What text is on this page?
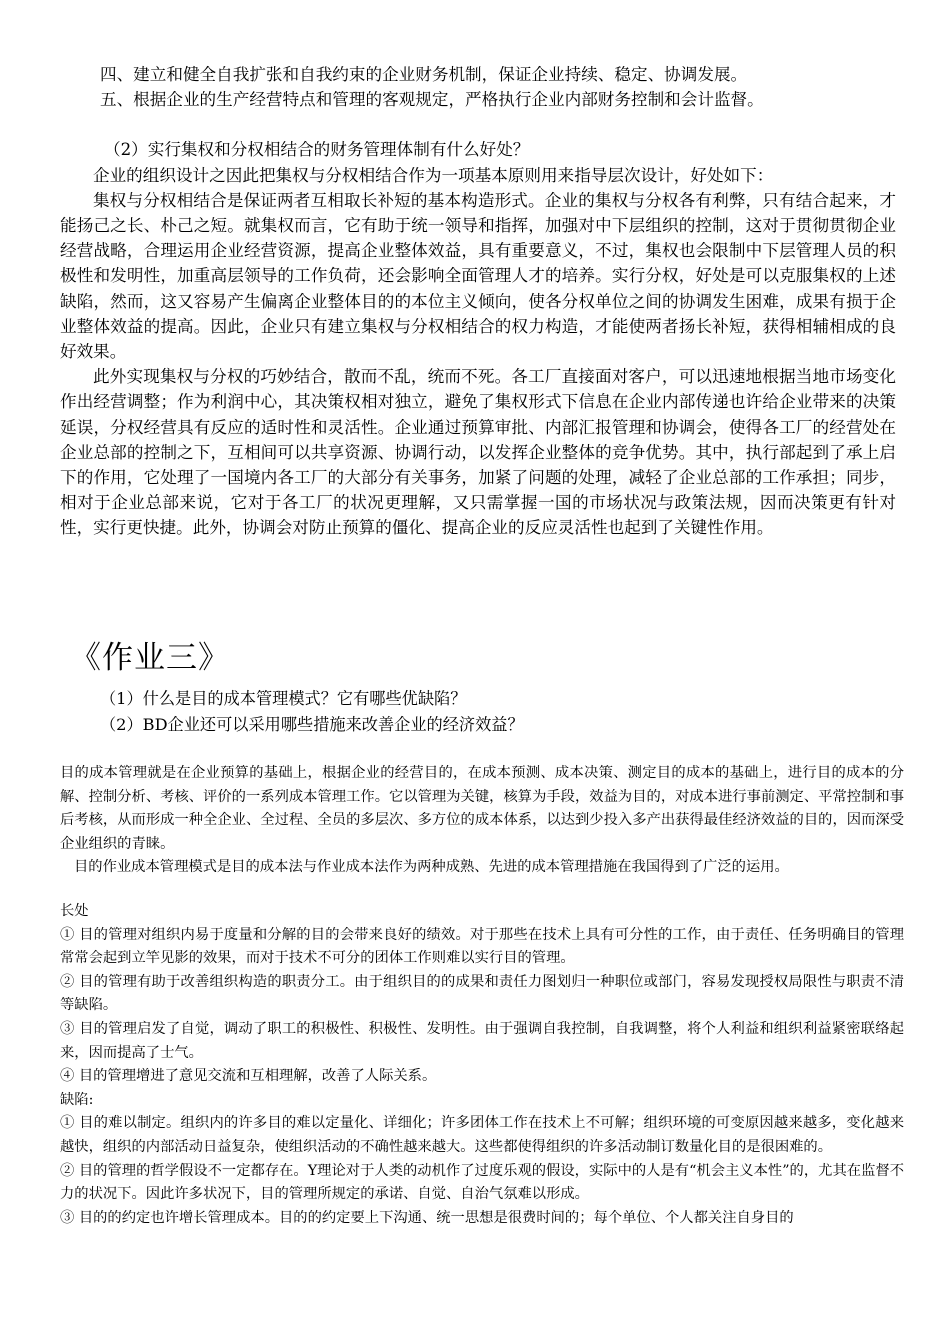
四、建立和健全自我扩张和自我约束的企业财务机制，保证企业持续、稳定、协调发展。

五、根据企业的生产经营特点和管理的客观规定，严格执行企业内部财务控制和会计监督。

（2）实行集权和分权相结合的财务管理体制有什么好处？

企业的组织设计之因此把集权与分权相结合作为一项基本原则用来指导层次设计，好处如下：

集权与分权相结合是保证两者互相取长补短的基本构造形式。企业的集权与分权各有利弊，只有结合起来，才能扬己之长、朴己之短。就集权而言，它有助于统一领导和指挥，加强对中下层组织的控制，这对于贯彻贯彻企业经营战略，合理运用企业经营资源，提高企业整体效益，具有重要意义，不过，集权也会限制中下层管理人员的积极性和发明性，加重高层领导的工作负荷，还会影响全面管理人才的培养。实行分权，好处是可以克服集权的上述缺陷，然而，这又容易产生偏离企业整体目的的本位主义倾向，使各分权单位之间的协调发生困难，成果有损于企业整体效益的提高。因此，企业只有建立集权与分权相结合的权力构造，才能使两者扬长补短，获得相辅相成的良好效果。

此外实现集权与分权的巧妙结合，散而不乱，统而不死。各工厂直接面对客户，可以迅速地根据当地市场变化作出经营调整；作为利润中心，其决策权相对独立，避免了集权形式下信息在企业内部传递也许给企业带来的决策延误，分权经营具有反应的适时性和灵活性。企业通过预算审批、内部汇报管理和协调会，使得各工厂的经营处在企业总部的控制之下，互相间可以共享资源、协调行动，以发挥企业整体的竞争优势。其中，执行部起到了承上启下的作用，它处理了一国境内各工厂的大部分有关事务，加紧了问题的处理，减轻了企业总部的工作承担；同步，相对于企业总部来说，它对于各工厂的状况更理解，又只需掌握一国的市场状况与政策法规，因而决策更有针对性，实行更快捷。此外，协调会对防止预算的僵化、提高企业的反应灵活性也起到了关键性作用。

《作业三》

（1）什么是目的成本管理模式？它有哪些优缺陷？

（2）BD企业还可以采用哪些措施来改善企业的经济效益？

目的成本管理就是在企业预算的基础上，根据企业的经营目的，在成本预测、成本决策、测定目的成本的基础上，进行目的成本的分解、控制分析、考核、评价的一系列成本管理工作。它以管理为关键，核算为手段，效益为目的，对成本进行事前测定、平常控制和事后考核，从而形成一种全企业、全过程、全员的多层次、多方位的成本体系，以达到少投入多产出获得最佳经济效益的目的，因而深受企业组织的青睐。

目的作业成本管理模式是目的成本法与作业成本法作为两种成熟、先进的成本管理措施在我国得到了广泛的运用。

长处

① 目的管理对组织内易于度量和分解的目的会带来良好的绩效。对于那些在技术上具有可分性的工作，由于责任、任务明确目的管理常常会起到立竿见影的效果，而对于技术不可分的团体工作则难以实行目的管理。

② 目的管理有助于改善组织构造的职责分工。由于组织目的的成果和责任力图划归一种职位或部门，容易发现授权局限性与职责不清等缺陷。

③ 目的管理启发了自觉，调动了职工的积极性、积极性、发明性。由于强调自我控制，自我调整，将个人利益和组织利益紧密联络起来，因而提高了士气。

④ 目的管理增进了意见交流和互相理解，改善了人际关系。

缺陷:

① 目的难以制定。组织内的许多目的难以定量化、详细化；许多团体工作在技术上不可解；组织环境的可变原因越来越多，变化越来越快，组织的内部活动日益复杂，使组织活动的不确性越来越大。这些都使得组织的许多活动制订数量化目的是很困难的。

② 目的管理的哲学假设不一定都存在。Y理论对于人类的动机作了过度乐观的假设，实际中的人是有“机会主义本性”的，尤其在监督不力的状况下。因此许多状况下，目的管理所规定的承诺、自觉、自治气氛难以形成。

③ 目的的约定也许增长管理成本。目的的约定要上下沟通、统一思想是很费时间的；每个单位、个人都关注自身目的
